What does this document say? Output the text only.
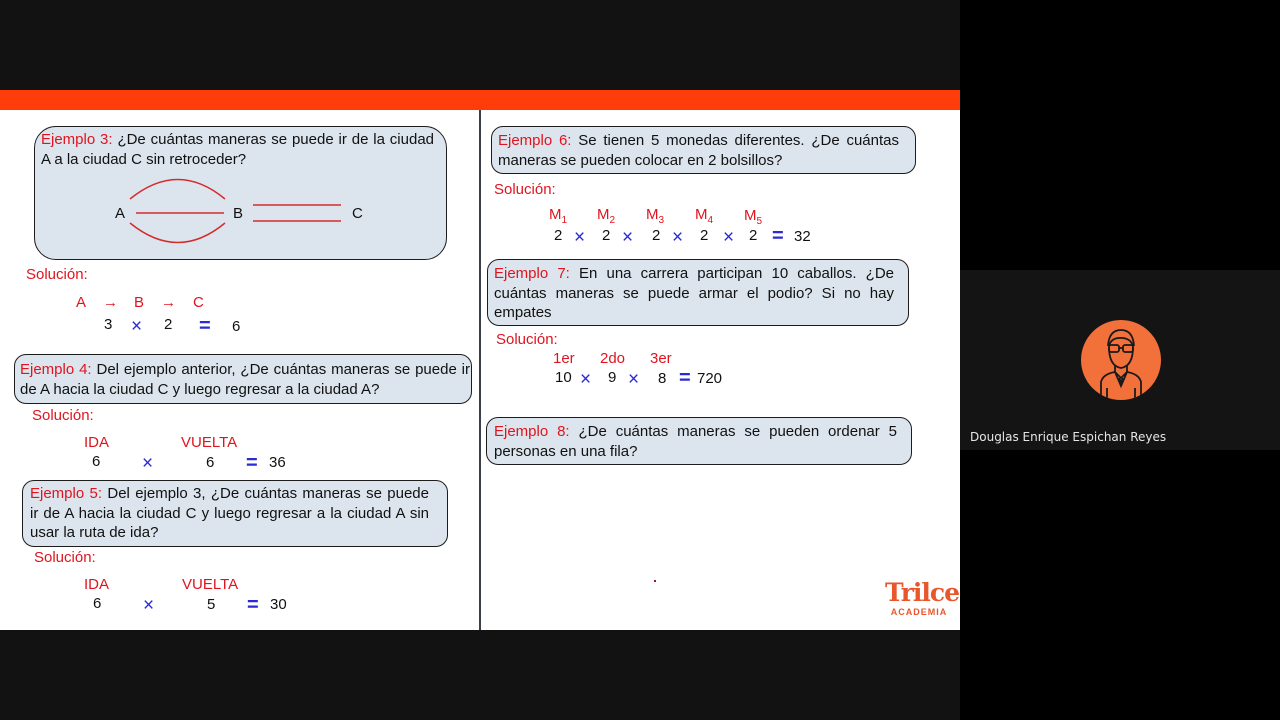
Ejemplo 3: ¿De cuántas maneras se puede ir de la ciudad A a la ciudad C sin retroceder?
A	B	C
Solución:
A → B → C
3 × 2 = 6
Ejemplo 4: Del ejemplo anterior, ¿De cuántas maneras se puede ir de A hacia la ciudad C y luego regresar a la ciudad A?
Solución:
IDA	VUELTA
6 ×	6 = 36
Ejemplo 5: Del ejemplo 3, ¿De cuántas maneras se puede ir de A hacia la ciudad C y luego regresar a la ciudad A sin usar la ruta de ida?
Solución:
IDA	VUELTA
6 ×	5 = 30
Ejemplo 6: Se tienen 5 monedas diferentes. ¿De cuántas maneras se pueden colocar en 2 bolsillos?
Solución:
$M_1$ $M_2$ $M_3$ $M_4$ $M_5$
2 × 2 × 2 × 2 × 2 = 32
Ejemplo 7: En una carrera participan 10 caballos. ¿De cuántas maneras se puede armar el podio? Si no hay empates
Solución:
1er 2do 3er
10 × 9 × 8 = 720
Ejemplo 8: ¿De cuántas maneras se pueden ordenar 5 personas en una fila?
Trilce
ACADEMIA
Douglas Enrique Espichan Reyes
